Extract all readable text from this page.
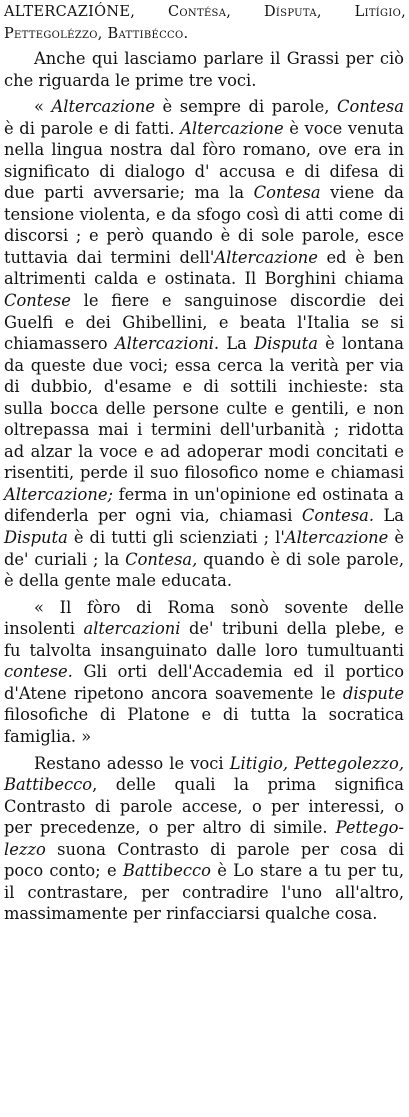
ALTERCAZIÓNE, Contésa, Dísputa, Litígio, Pettegolézzo, Battibécco.

Anche qui lasciamo parlare il Grassi per ciò che riguarda le prime tre voci.

« Altercazione è sempre di parole, Contesa è di parole e di fatti. Altercazione è voce venuta nella lingua nostra dal fòro romano, ove era in significato di dialogo d' accusa e di difesa di due parti avversarie; ma la Contesa viene da tensione violenta, e da sfogo così di atti come di discorsi ; e però quando è di sole parole, esce tuttavia dai termini dell'Altercazione ed è ben altrimenti calda e ostinata. Il Borghini chiama Contese le fiere e sanguinose discordie dei Guelfi e dei Ghibellini, e beata l'Italia se si chiamassero Altercazioni. La Disputa è lontana da queste due voci; essa cerca la verità per via di dubbio, d'esame e di sottili inchieste: sta sulla bocca delle persone culte e gentili, e non oltrepassa mai i termini dell'urbanità ; ridotta ad alzar la voce e ad adoperar modi concitati e risentiti, perde il suo filosofico nome e chiamasi Altercazione; ferma in un'opinione ed ostinata a difenderla per ogni via, chiamasi Contesa. La Disputa è di tutti gli scienziati ; l'Altercazione è de' curiali ; la Contesa, quando è di sole parole, è della gente male educata.

« Il fòro di Roma sonò sovente delle insolenti altercazioni de' tribuni della plebe, e fu talvolta insanguinato dalle loro tumultuanti contese. Gli orti dell'Accademia ed il portico d'Atene ripetono ancora soavemente le dispute filosofiche di Platone e di tutta la socratica famiglia. »

Restano adesso le voci Litigio, Pettegolezzo, Battibecco, delle quali la prima significa Contrasto di parole accese, o per interessi, o per precedenze, o per altro di simile. Pettegolezzo suona Contrasto di parole per cosa di poco conto; e Battibecco è Lo stare a tu per tu, il contrastare, per contradire l'uno all'altro, massimamente per rinfacciarsi qualche cosa.
